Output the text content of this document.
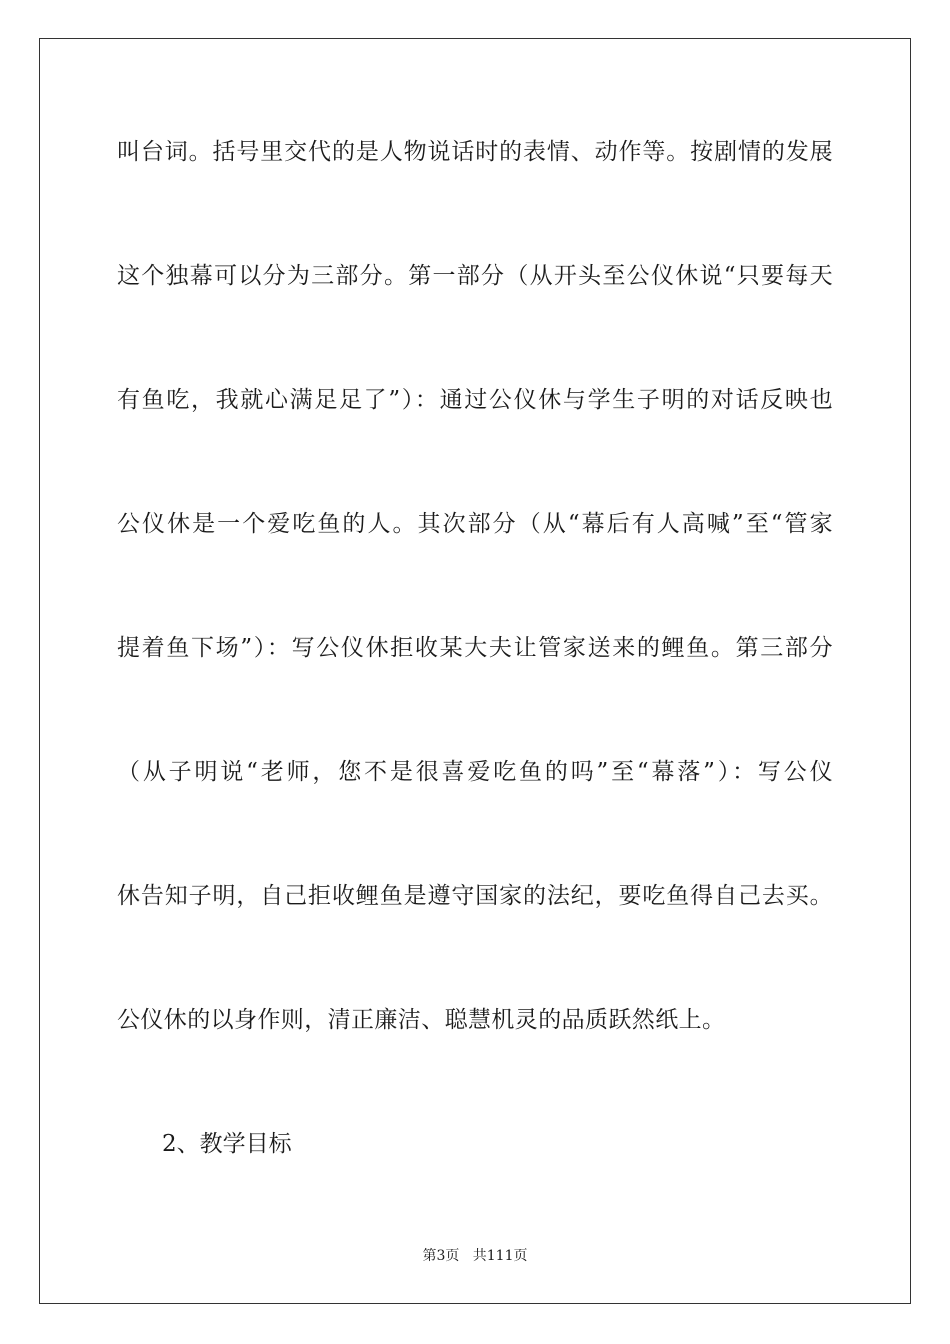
叫台词。括号里交代的是人物说话时的表情、动作等。按剧情的发展
这个独幕可以分为三部分。第一部分（从开头至公仪休说“只要每天
有鱼吃，我就心满足足了”）：通过公仪休与学生子明的对话反映也
公仪休是一个爱吃鱼的人。其次部分（从“幕后有人高喊”至“管家
提着鱼下场”）：写公仪休拒收某大夫让管家送来的鲤鱼。第三部分
（从子明说“老师，您不是很喜爱吃鱼的吗”至“幕落”）：写公仪
休告知子明，自己拒收鲤鱼是遵守国家的法纪，要吃鱼得自己去买。
公仪休的以身作则，清正廉洁、聪慧机灵的品质跃然纸上。
2、教学目标
第3页   共111页
